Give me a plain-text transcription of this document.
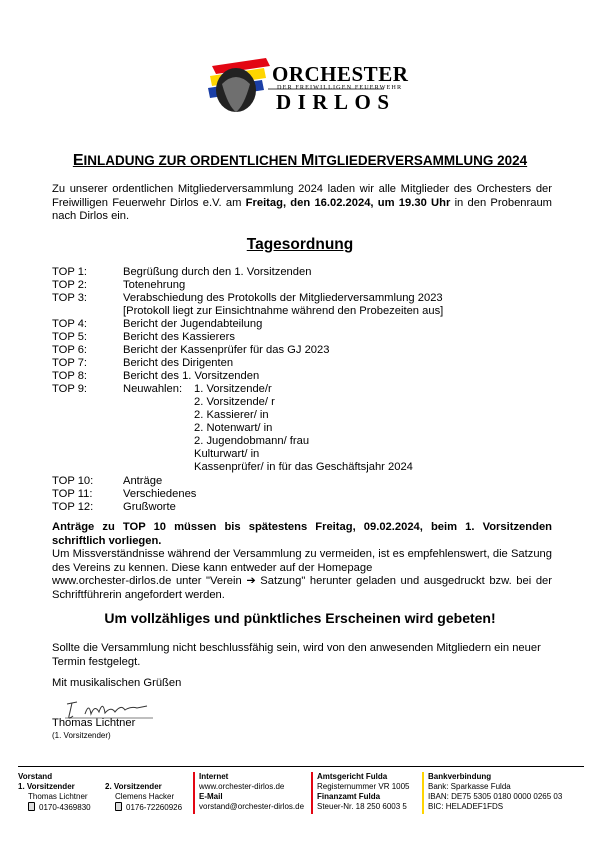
ORCHESTER
DER FREIWILLIGEN FEUERWEHR
DIRLOS
EINLADUNG ZUR ORDENTLICHEN MITGLIEDERVERSAMMLUNG 2024
Zu unserer ordentlichen Mitgliederversammlung 2024 laden wir alle Mitglieder des Orchesters der Freiwilligen Feuerwehr Dirlos e.V. am Freitag, den 16.02.2024, um 19.30 Uhr in den Probenraum nach Dirlos ein.
Tagesordnung
TOP 1:	Begrüßung durch den 1. Vorsitzenden
TOP 2:	Totenehrung
TOP 3:	Verabschiedung des Protokolls der Mitgliederversammlung 2023
[Protokoll liegt zur Einsichtnahme während den Probezeiten aus]
TOP 4:	Bericht der Jugendabteilung
TOP 5:	Bericht des Kassierers
TOP 6:	Bericht der Kassenprüfer für das GJ 2023
TOP 7:	Bericht des Dirigenten
TOP 8:	Bericht des 1. Vorsitzenden
TOP 9:	Neuwahlen: 1. Vorsitzende/r
2. Vorsitzende/ r
2. Kassierer/ in
2. Notenwart/ in
2. Jugendobmann/ frau
Kulturwart/ in
Kassenprüfer/ in für das Geschäftsjahr 2024
TOP 10:	Anträge
TOP 11:	Verschiedenes
TOP 12:	Grußworte
Anträge zu TOP 10 müssen bis spätestens Freitag, 09.02.2024, beim 1. Vorsitzenden schriftlich vorliegen.
Um Missverständnisse während der Versammlung zu vermeiden, ist es empfehlenswert, die Satzung des Vereins zu kennen. Diese kann entweder auf der Homepage
www.orchester-dirlos.de unter "Verein ➔ Satzung" herunter geladen und ausgedruckt bzw. bei der Schriftführerin angefordert werden.
Um vollzähliges und pünktliches Erscheinen wird gebeten!
Sollte die Versammlung nicht beschlussfähig sein, wird von den anwesenden Mitgliedern ein neuer Termin festgelegt.
Mit musikalischen Grüßen
Thomas Lichtner
(1. Vorsitzender)
Vorstand
1. Vorsitzender
Thomas Lichtner
0170-4369830

2. Vorsitzender
Clemens Hacker
0176-72260926
Internet
www.orchester-dirlos.de
E-Mail
vorstand@orchester-dirlos.de
Amtsgericht Fulda
Registernummer VR 1005
Finanzamt Fulda
Steuer-Nr. 18 250 6003 5
Bankverbindung
Bank: Sparkasse Fulda
IBAN: DE75 5305 0180 0000 0265 03
BIC: HELADEF1FDS
